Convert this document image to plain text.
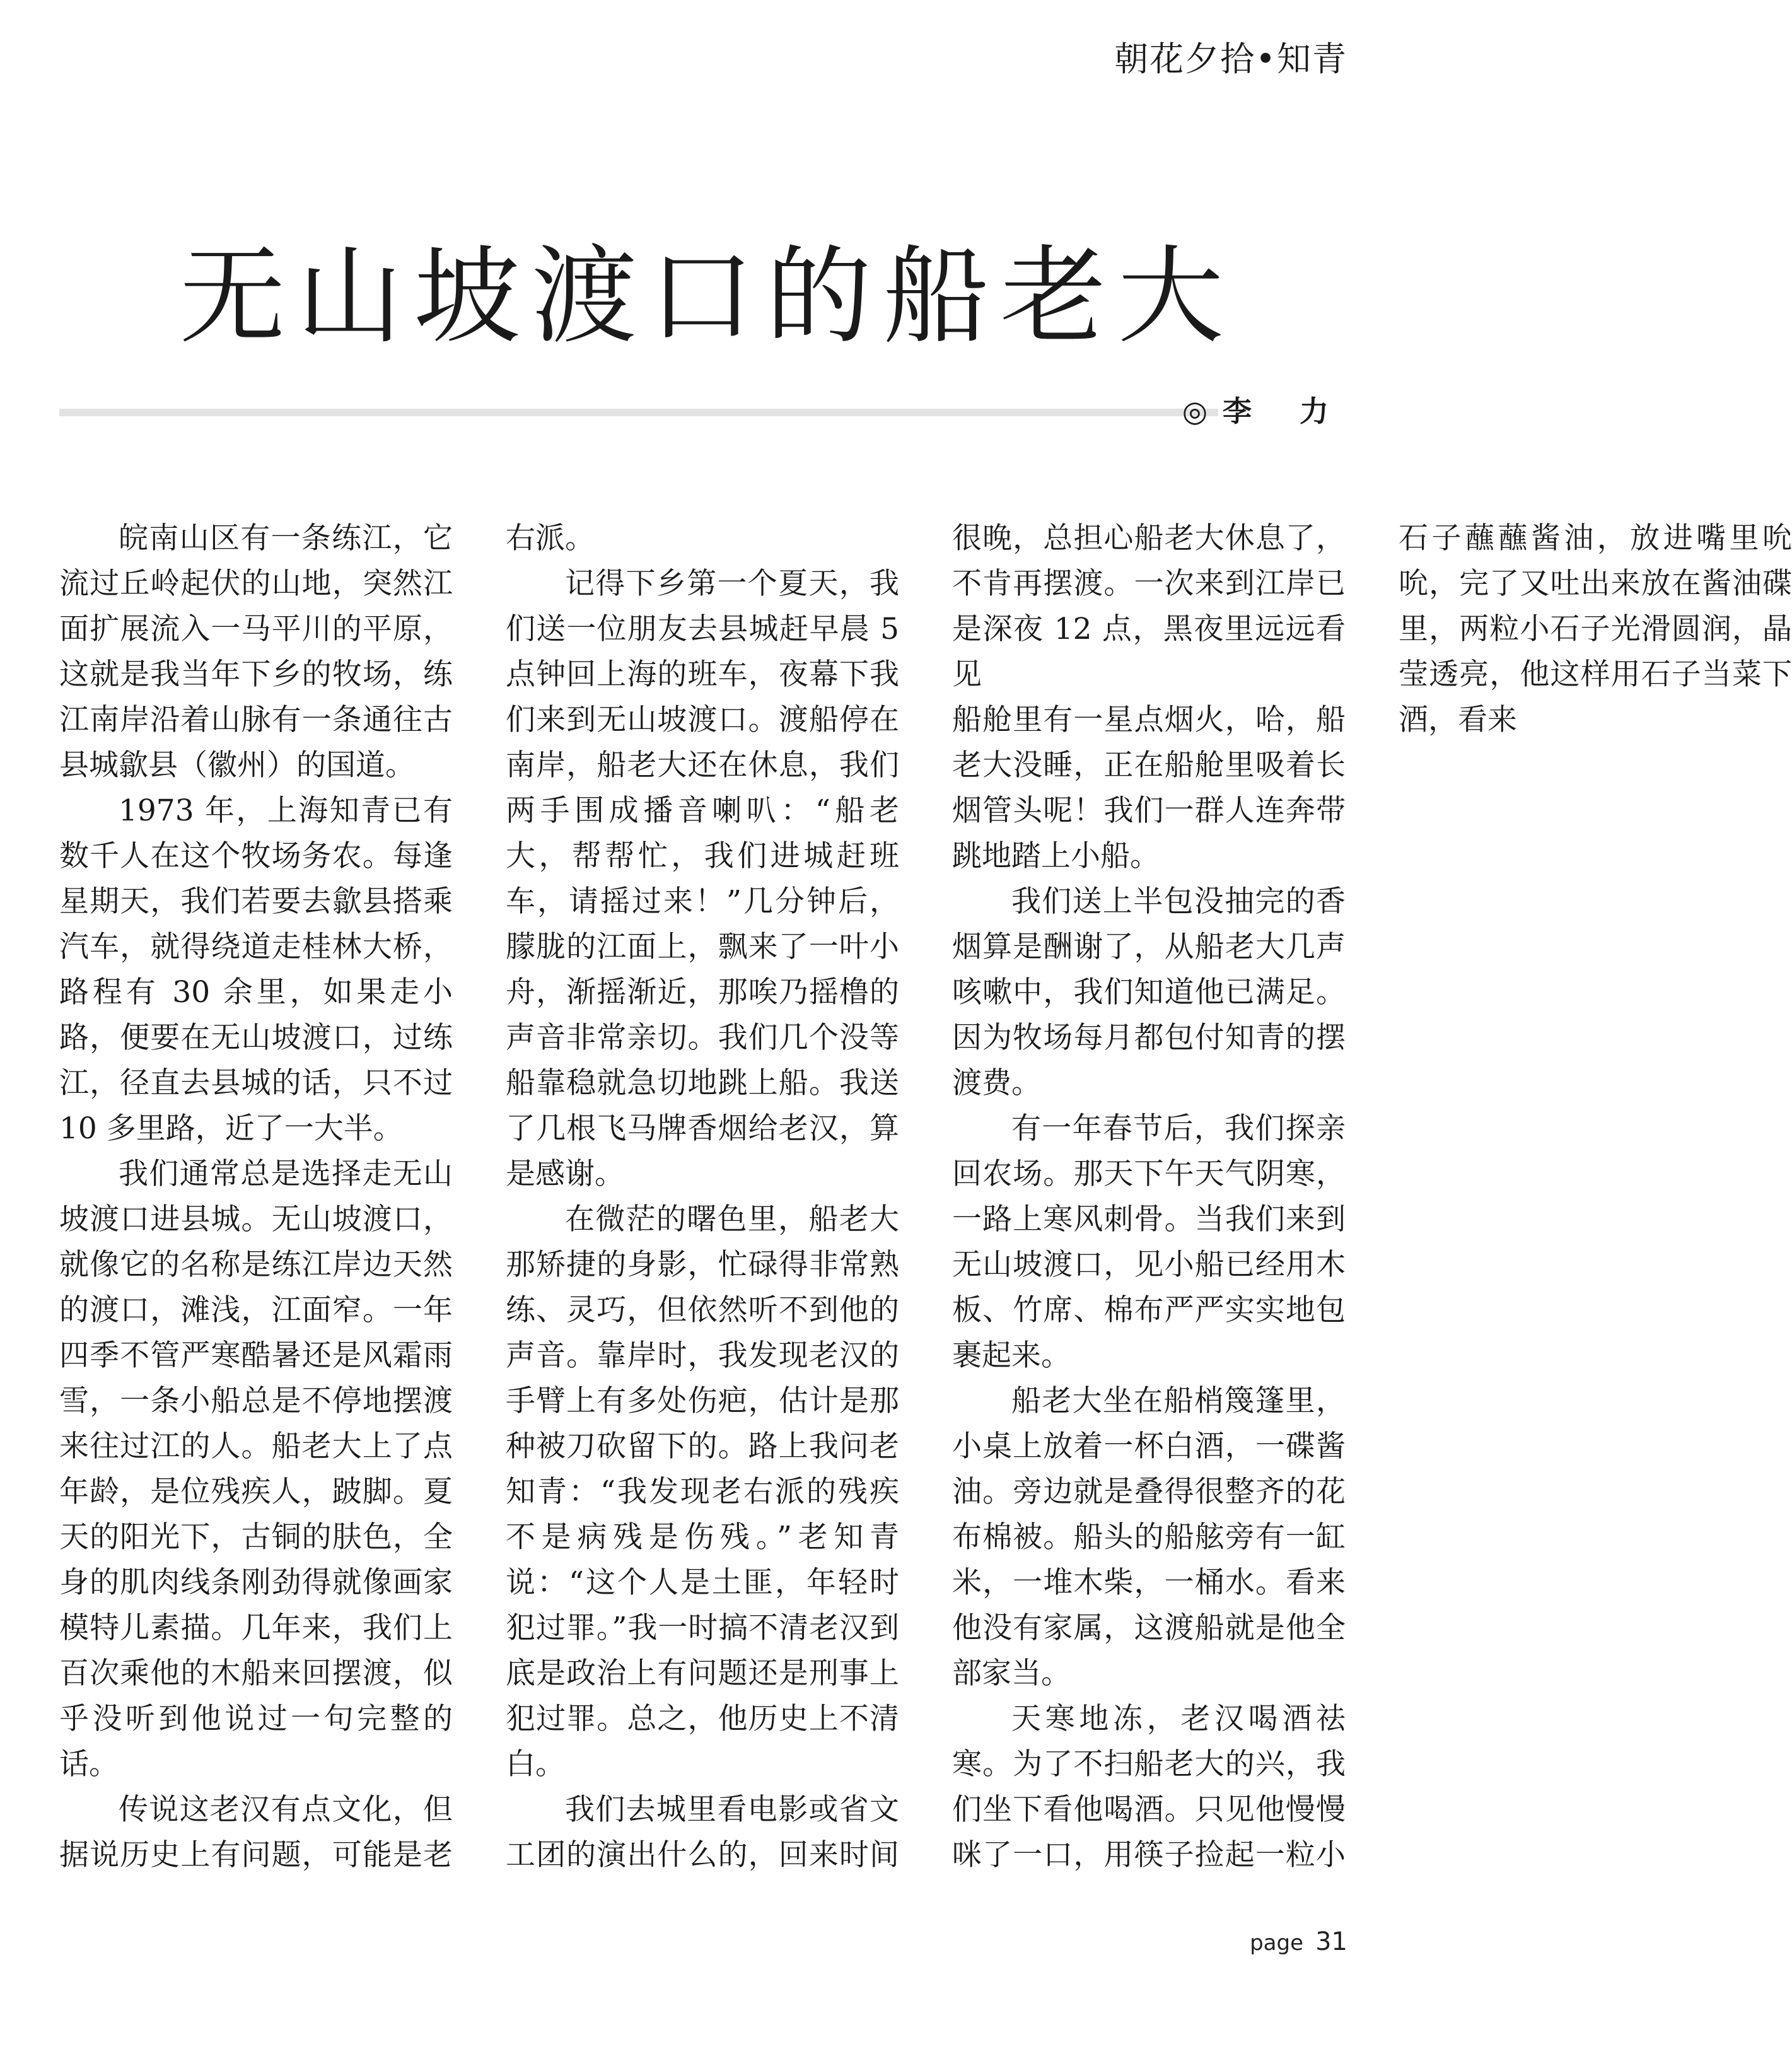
朝花夕拾•知青
无山坡渡口的船老大
◎ 李 力

皖南山区有一条练江，它流过丘岭起伏的山地，突然江面扩展流入一马平川的平原，这就是我当年下乡的牧场，练江南岸沿着山脉有一条通往古县城歙县（徽州）的国道。

1973 年，上海知青已有数千人在这个牧场务农。每逢星期天，我们若要去歙县搭乘汽车，就得绕道走桂林大桥，路程有 30 余里，如果走小路，便要在无山坡渡口，过练江，径直去县城的话，只不过 10 多里路，近了一大半。

我们通常总是选择走无山坡渡口进县城。无山坡渡口，就像它的名称是练江岸边天然的渡口，滩浅，江面窄。一年四季不管严寒酷暑还是风霜雨雪，一条小船总是不停地摆渡来往过江的人。船老大上了点年龄，是位残疾人，跛脚。夏天的阳光下，古铜的肤色，全身的肌肉线条刚劲得就像画家模特儿素描。几年来，我们上百次乘他的木船来回摆渡，似乎没听到他说过一句完整的话。

传说这老汉有点文化，但据说历史上有问题，可能是老右派。

记得下乡第一个夏天，我们送一位朋友去县城赶早晨 5 点钟回上海的班车，夜幕下我们来到无山坡渡口。渡船停在南岸，船老大还在休息，我们两手围成播音喇叭：“船老大，帮帮忙，我们进城赶班车，请摇过来！”几分钟后，朦胧的江面上，飘来了一叶小舟，渐摇渐近，那唉乃摇橹的声音非常亲切。我们几个没等船靠稳就急切地跳上船。我送了几根飞马牌香烟给老汉，算是感谢。

在微茫的曙色里，船老大那矫捷的身影，忙碌得非常熟练、灵巧，但依然听不到他的声音。靠岸时，我发现老汉的手臂上有多处伤疤，估计是那种被刀砍留下的。路上我问老知青：“我发现老右派的残疾不是病残是伤残。”老知青说：“这个人是土匪，年轻时犯过罪。”我一时搞不清老汉到底是政治上有问题还是刑事上犯过罪。总之，他历史上不清白。

我们去城里看电影或省文工团的演出什么的，回来时间很晚，总担心船老大休息了，不肯再摆渡。一次来到江岸已是深夜 12 点，黑夜里远远看见

船舱里有一星点烟火，哈，船老大没睡，正在船舱里吸着长烟管头呢！我们一群人连奔带跳地踏上小船。

我们送上半包没抽完的香烟算是酬谢了，从船老大几声咳嗽中，我们知道他已满足。因为牧场每月都包付知青的摆渡费。

有一年春节后，我们探亲回农场。那天下午天气阴寒，一路上寒风刺骨。当我们来到无山坡渡口，见小船已经用木板、竹席、棉布严严实实地包裹起来。

船老大坐在船梢篾篷里，小桌上放着一杯白酒，一碟酱油。旁边就是叠得很整齐的花布棉被。船头的船舷旁有一缸米，一堆木柴，一桶水。看来他没有家属，这渡船就是他全部家当。

天寒地冻，老汉喝酒祛寒。为了不扫船老大的兴，我们坐下看他喝酒。只见他慢慢咪了一口，用筷子捡起一粒小石子蘸蘸酱油，放进嘴里吮吮，完了又吐出来放在酱油碟里，两粒小石子光滑圆润，晶莹透亮，他这样用石子当菜下酒，看来

page 31
